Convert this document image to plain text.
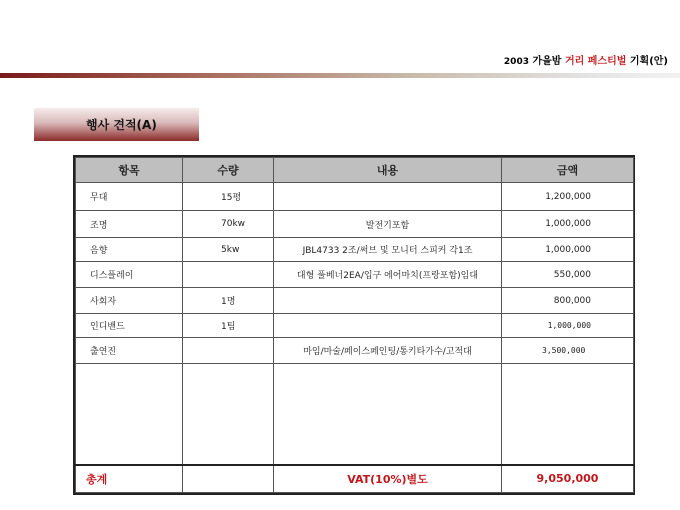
2003 가을밤 거리 페스티벌 기획(안)
행사 견적(A)
항목	수량	내용	금액
무대	15평		1,200,000
조명	70kw	발전기포함	1,000,000
음향	5kw	JBL4733 2조/써브 및 모니터 스피커 각1조	1,000,000
디스플레이		대형 풀베너2EA/입구 에어마치(프랑포함)임대	550,000
사회자	1명		800,000
인디밴드	1팀		1,000,000
출연진		마임/마술/페이스페인팅/통키타가수/고적대	3,500,000

총계		VAT(10%)별도	9,050,000
